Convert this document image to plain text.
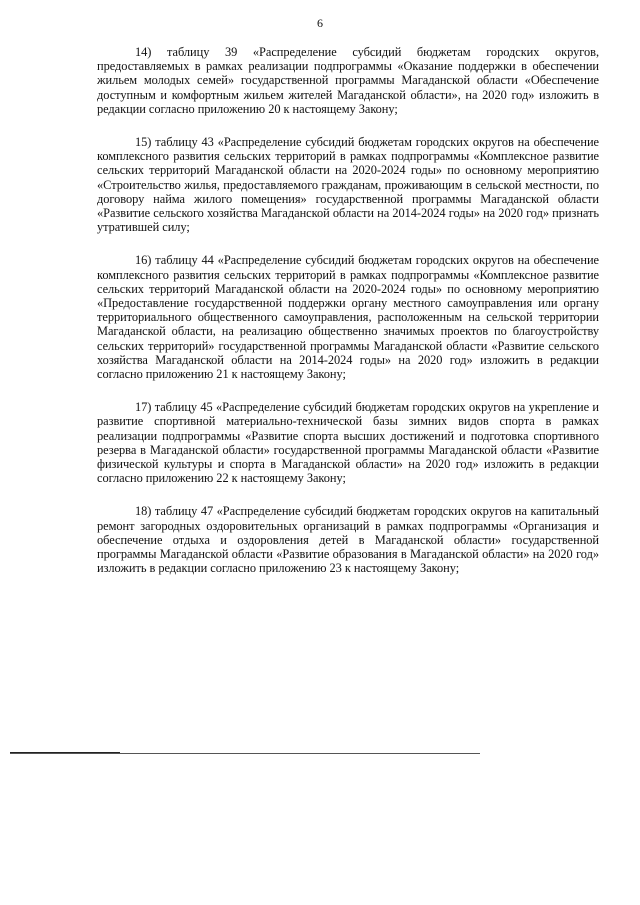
6

14) таблицу 39 «Распределение субсидий бюджетам городских округов, предоставляемых в рамках реализации подпрограммы «Оказание поддержки в обеспечении жильем молодых семей» государственной программы Магаданской области «Обеспечение доступным и комфортным жильем жителей Магаданской области», на 2020 год» изложить в редакции согласно приложению 20 к настоящему Закону;

15) таблицу 43 «Распределение субсидий бюджетам городских округов на обеспечение комплексного развития сельских территорий в рамках подпрограммы «Комплексное развитие сельских территорий Магаданской области на 2020-2024 годы» по основному мероприятию «Строительство жилья, предоставляемого гражданам, проживающим в сельской местности, по договору найма жилого помещения» государственной программы Магаданской области «Развитие сельского хозяйства Магаданской области на 2014-2024 годы» на 2020 год» признать утратившей силу;

16) таблицу 44 «Распределение субсидий бюджетам городских округов на обеспечение комплексного развития сельских территорий в рамках подпрограммы «Комплексное развитие сельских территорий Магаданской области на 2020-2024 годы» по основному мероприятию «Предоставление государственной поддержки органу местного самоуправления или органу территориального общественного самоуправления, расположенным на сельской территории Магаданской области, на реализацию общественно значимых проектов по благоустройству сельских территорий» государственной программы Магаданской области «Развитие сельского хозяйства Магаданской области на 2014-2024 годы» на 2020 год» изложить в редакции согласно приложению 21 к настоящему Закону;

17) таблицу 45 «Распределение субсидий бюджетам городских округов на укрепление и развитие спортивной материально-технической базы зимних видов спорта в рамках реализации подпрограммы «Развитие спорта высших достижений и подготовка спортивного резерва в Магаданской области» государственной программы Магаданской области «Развитие физической культуры и спорта в Магаданской области» на 2020 год» изложить в редакции согласно приложению 22 к настоящему Закону;

18) таблицу 47 «Распределение субсидий бюджетам городских округов на капитальный ремонт загородных оздоровительных организаций в рамках подпрограммы «Организация и обеспечение отдыха и оздоровления детей в Магаданской области» государственной программы Магаданской области «Развитие образования в Магаданской области» на 2020 год» изложить в редакции согласно приложению 23 к настоящему Закону;
